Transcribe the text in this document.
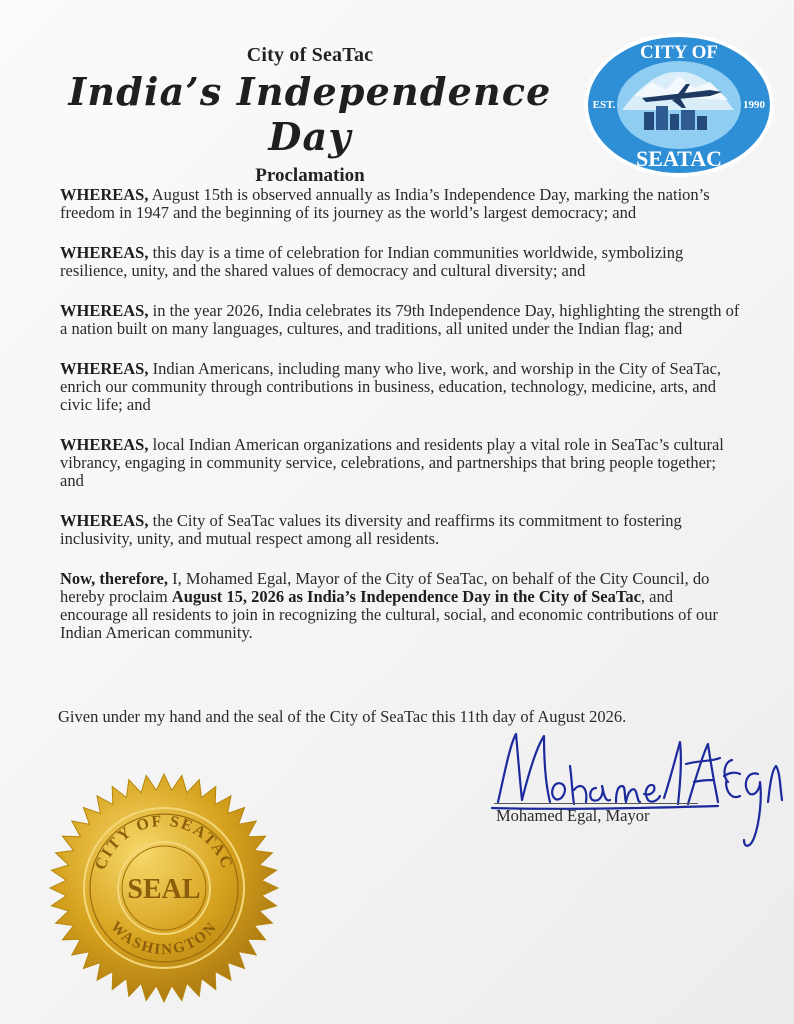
City of SeaTac
India’s Independence Day
Proclamation
CITY OF
SEATAC
EST.	1990

WHEREAS, August 15th is observed annually as India’s Independence Day, marking the nation’s freedom in 1947 and the beginning of its journey as the world’s largest democracy; and

WHEREAS, this day is a time of celebration for Indian communities worldwide, symbolizing resilience, unity, and the shared values of democracy and cultural diversity; and

WHEREAS, in the year 2026, India celebrates its 79th Independence Day, highlighting the strength of a nation built on many languages, cultures, and traditions, all united under the Indian flag; and

WHEREAS, Indian Americans, including many who live, work, and worship in the City of SeaTac, enrich our community through contributions in business, education, technology, medicine, arts, and civic life; and

WHEREAS, local Indian American organizations and residents play a vital role in SeaTac’s cultural vibrancy, engaging in community service, celebrations, and partnerships that bring people together; and

WHEREAS, the City of SeaTac values its diversity and reaffirms its commitment to fostering inclusivity, unity, and mutual respect among all residents.

Now, therefore, I, Mohamed Egal, Mayor of the City of SeaTac, on behalf of the City Council, do hereby proclaim August 15, 2026 as India’s Independence Day in the City of SeaTac, and encourage all residents to join in recognizing the cultural, social, and economic contributions of our Indian American community.

Given under my hand and the seal of the City of SeaTac this 11th day of August 2026.
Mohamed Egal, Mayor
CITY OF SEATAC
WASHINGTON
SEAL
